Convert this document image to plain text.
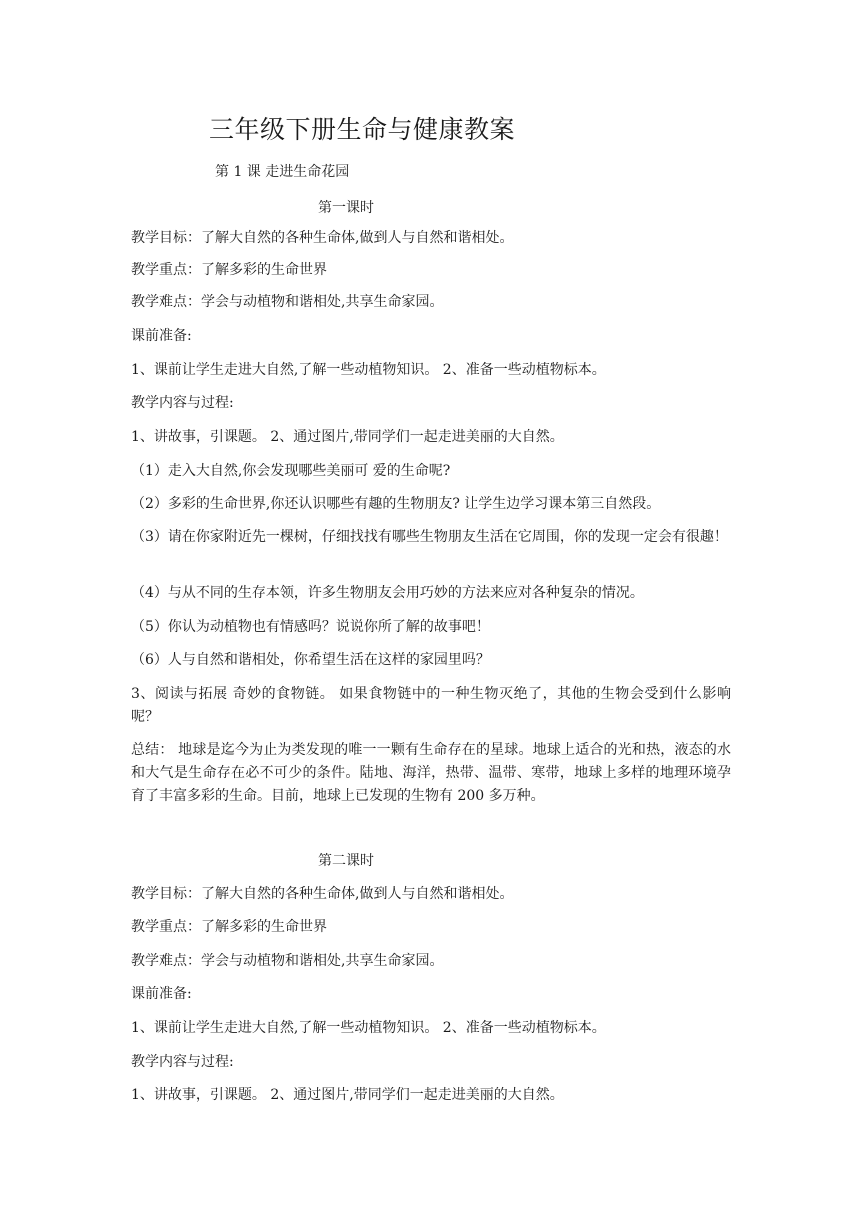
三年级下册生命与健康教案
第 1 课 走进生命花园
第一课时
教学目标：了解大自然的各种生命体,做到人与自然和谐相处。
教学重点：了解多彩的生命世界
教学难点：学会与动植物和谐相处,共享生命家园。
课前准备:
1、课前让学生走进大自然,了解一些动植物知识。 2、准备一些动植物标本。
教学内容与过程:
1、讲故事，引课题。 2、通过图片,带同学们一起走进美丽的大自然。
（1）走入大自然,你会发现哪些美丽可 爱的生命呢?
（2）多彩的生命世界,你还认识哪些有趣的生物朋友? 让学生边学习课本第三自然段。
（3）请在你家附近先一棵树，仔细找找有哪些生物朋友生活在它周围，你的发现一定会有很趣！
（4）与从不同的生存本领，许多生物朋友会用巧妙的方法来应对各种复杂的情况。
（5）你认为动植物也有情感吗？说说你所了解的故事吧！
（6）人与自然和谐相处，你希望生活在这样的家园里吗？
3、阅读与拓展 奇妙的食物链。 如果食物链中的一种生物灭绝了，其他的生物会受到什么影响呢？
总结： 地球是迄今为止为类发现的唯一一颗有生命存在的星球。地球上适合的光和热，液态的水和大气是生命存在必不可少的条件。陆地、海洋，热带、温带、寒带，地球上多样的地理环境孕育了丰富多彩的生命。目前，地球上已发现的生物有 200 多万种。
第二课时
教学目标：了解大自然的各种生命体,做到人与自然和谐相处。
教学重点：了解多彩的生命世界
教学难点：学会与动植物和谐相处,共享生命家园。
课前准备:
1、课前让学生走进大自然,了解一些动植物知识。 2、准备一些动植物标本。
教学内容与过程:
1、讲故事，引课题。 2、通过图片,带同学们一起走进美丽的大自然。
